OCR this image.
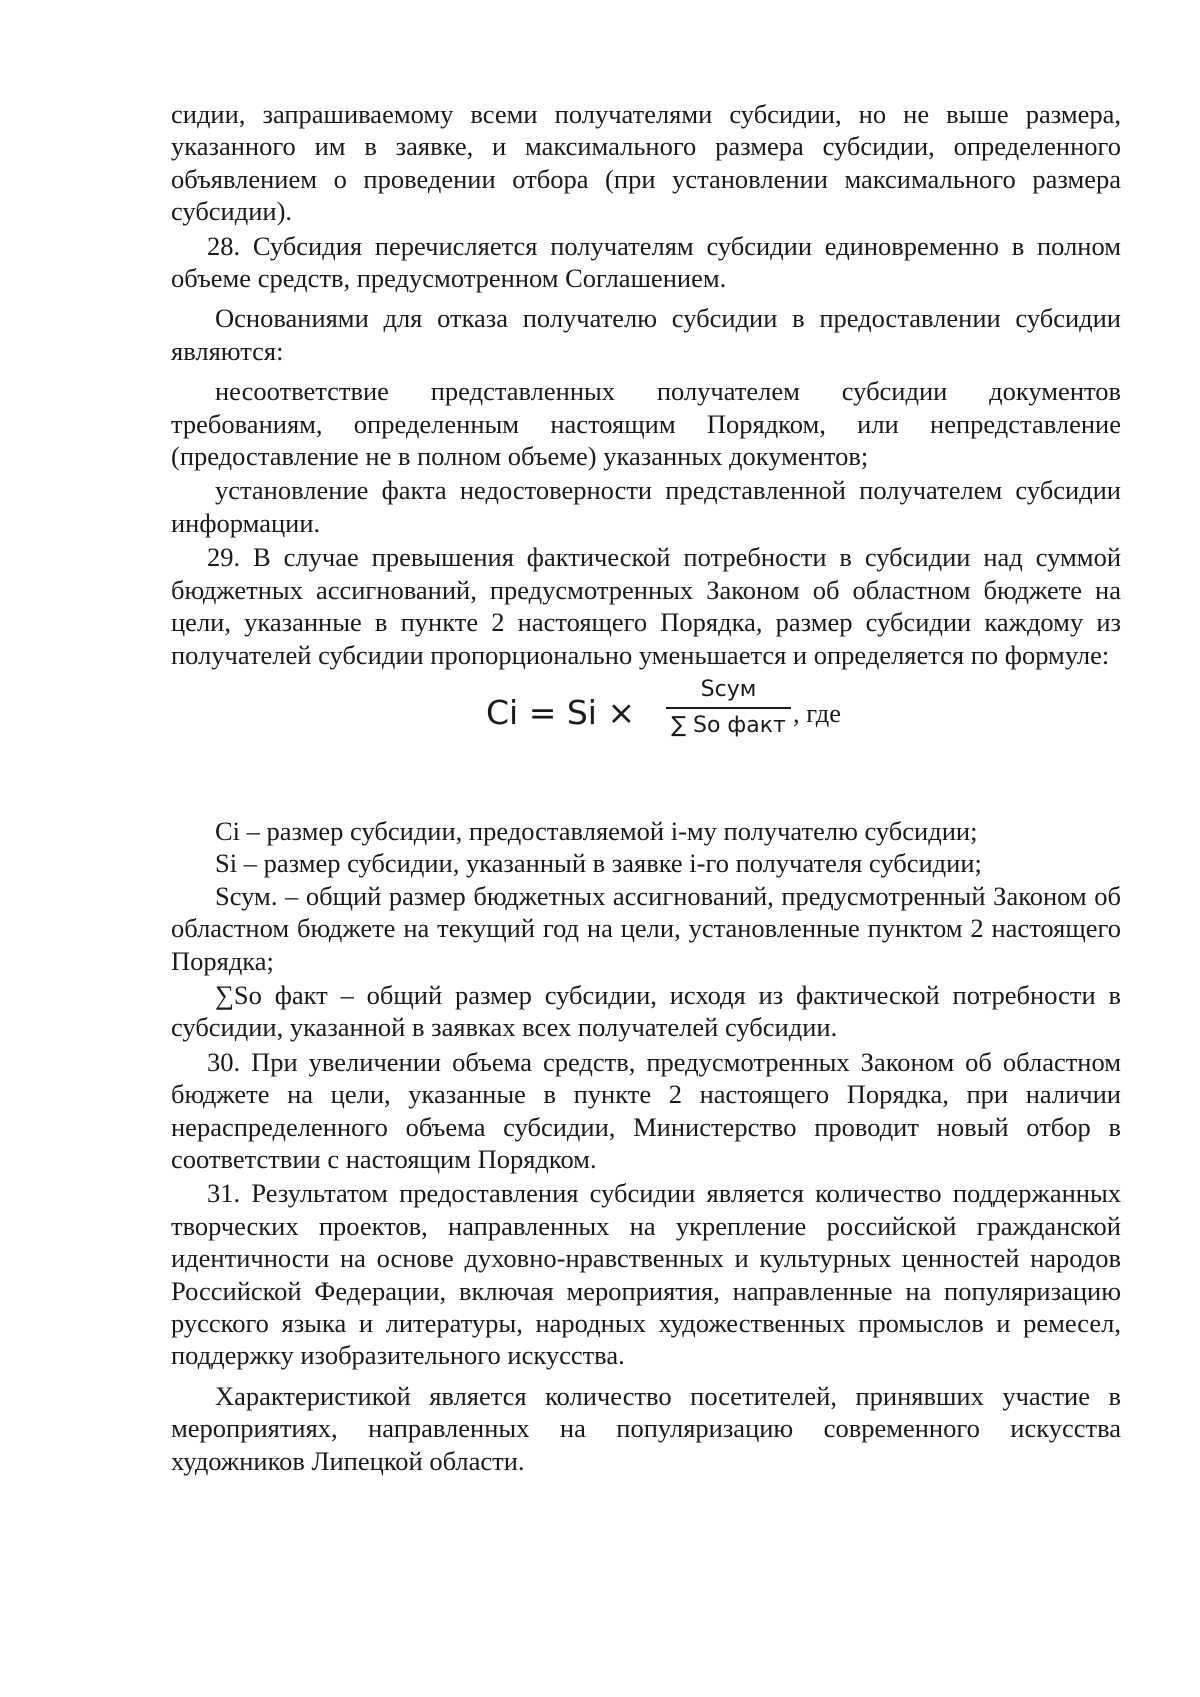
сидии, запрашиваемому всеми получателями субсидии, но не выше размера, указанного им в заявке, и максимального размера субсидии, определенного объявлением о проведении отбора (при установлении максимального размера субсидии).

28. Субсидия перечисляется получателям субсидии единовременно в полном объеме средств, предусмотренном Соглашением.

Основаниями для отказа получателю субсидии в предоставлении субсидии являются:

несоответствие представленных получателем субсидии документов требованиям, определенным настоящим Порядком, или непредставление (предоставление не в полном объеме) указанных документов;

установление факта недостоверности представленной получателем субсидии информации.

29. В случае превышения фактической потребности в субсидии над суммой бюджетных ассигнований, предусмотренных Законом об областном бюджете на цели, указанные в пункте 2 настоящего Порядка, размер субсидии каждому из получателей субсидии пропорционально уменьшается и определяется по формуле:

Ci = Si ×
Sсум
∑ So факт , где

Ci – размер субсидии, предоставляемой i-му получателю субсидии;

Si – размер субсидии, указанный в заявке i-го получателя субсидии;

Sсум. – общий размер бюджетных ассигнований, предусмотренный Законом об областном бюджете на текущий год на цели, установленные пунктом 2 настоящего Порядка;

∑So факт – общий размер субсидии, исходя из фактической потребности в субсидии, указанной в заявках всех получателей субсидии.

30. При увеличении объема средств, предусмотренных Законом об областном бюджете на цели, указанные в пункте 2 настоящего Порядка, при наличии нераспределенного объема субсидии, Министерство проводит новый отбор в соответствии с настоящим Порядком.

31. Результатом предоставления субсидии является количество поддержанных творческих проектов, направленных на укрепление российской гражданской идентичности на основе духовно-нравственных и культурных ценностей народов Российской Федерации, включая мероприятия, направленные на популяризацию русского языка и литературы, народных художественных промыслов и ремесел, поддержку изобразительного искусства.

Характеристикой является количество посетителей, принявших участие в мероприятиях, направленных на популяризацию современного искусства художников Липецкой области.
